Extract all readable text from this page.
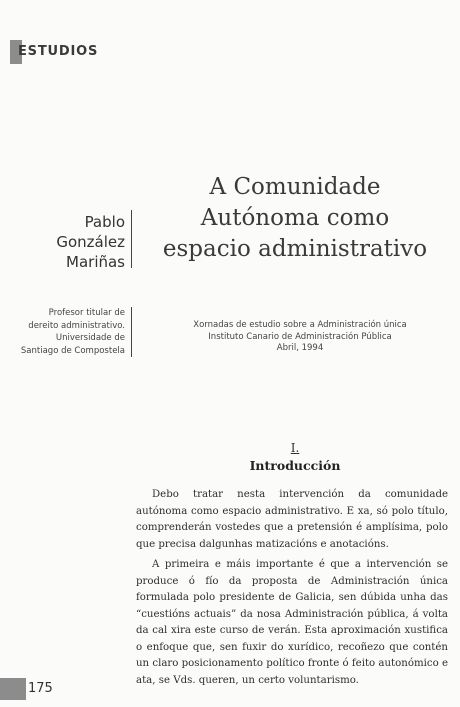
ESTUDIOS
Pablo
González
Mariñas
A Comunidade
Autónoma como
espacio administrativo
Profesor titular de
dereito administrativo.
Universidade de
Santiago de Compostela
Xornadas de estudio sobre a Administración única
Instituto Canario de Administración Pública
Abril, 1994
I.
Introducción

Debo tratar nesta intervención da comunidade autónoma como espacio administrativo. E xa, só polo título, comprenderán vostedes que a pretensión é amplísima, polo que precisa dalgunhas matizacións e anotacións.

A primeira e máis importante é que a intervención se produce ó fío da proposta de Administración única formulada polo presidente de Galicia, sen dúbida unha das “cuestións actuais” da nosa Administración pública, á volta da cal xira este curso de verán. Esta aproximación xustifica o enfoque que, sen fuxir do xurídico, recoñezo que contén un claro posicionamento político fronte ó feito autonómico e ata, se Vds. queren, un certo voluntarismo.

175
